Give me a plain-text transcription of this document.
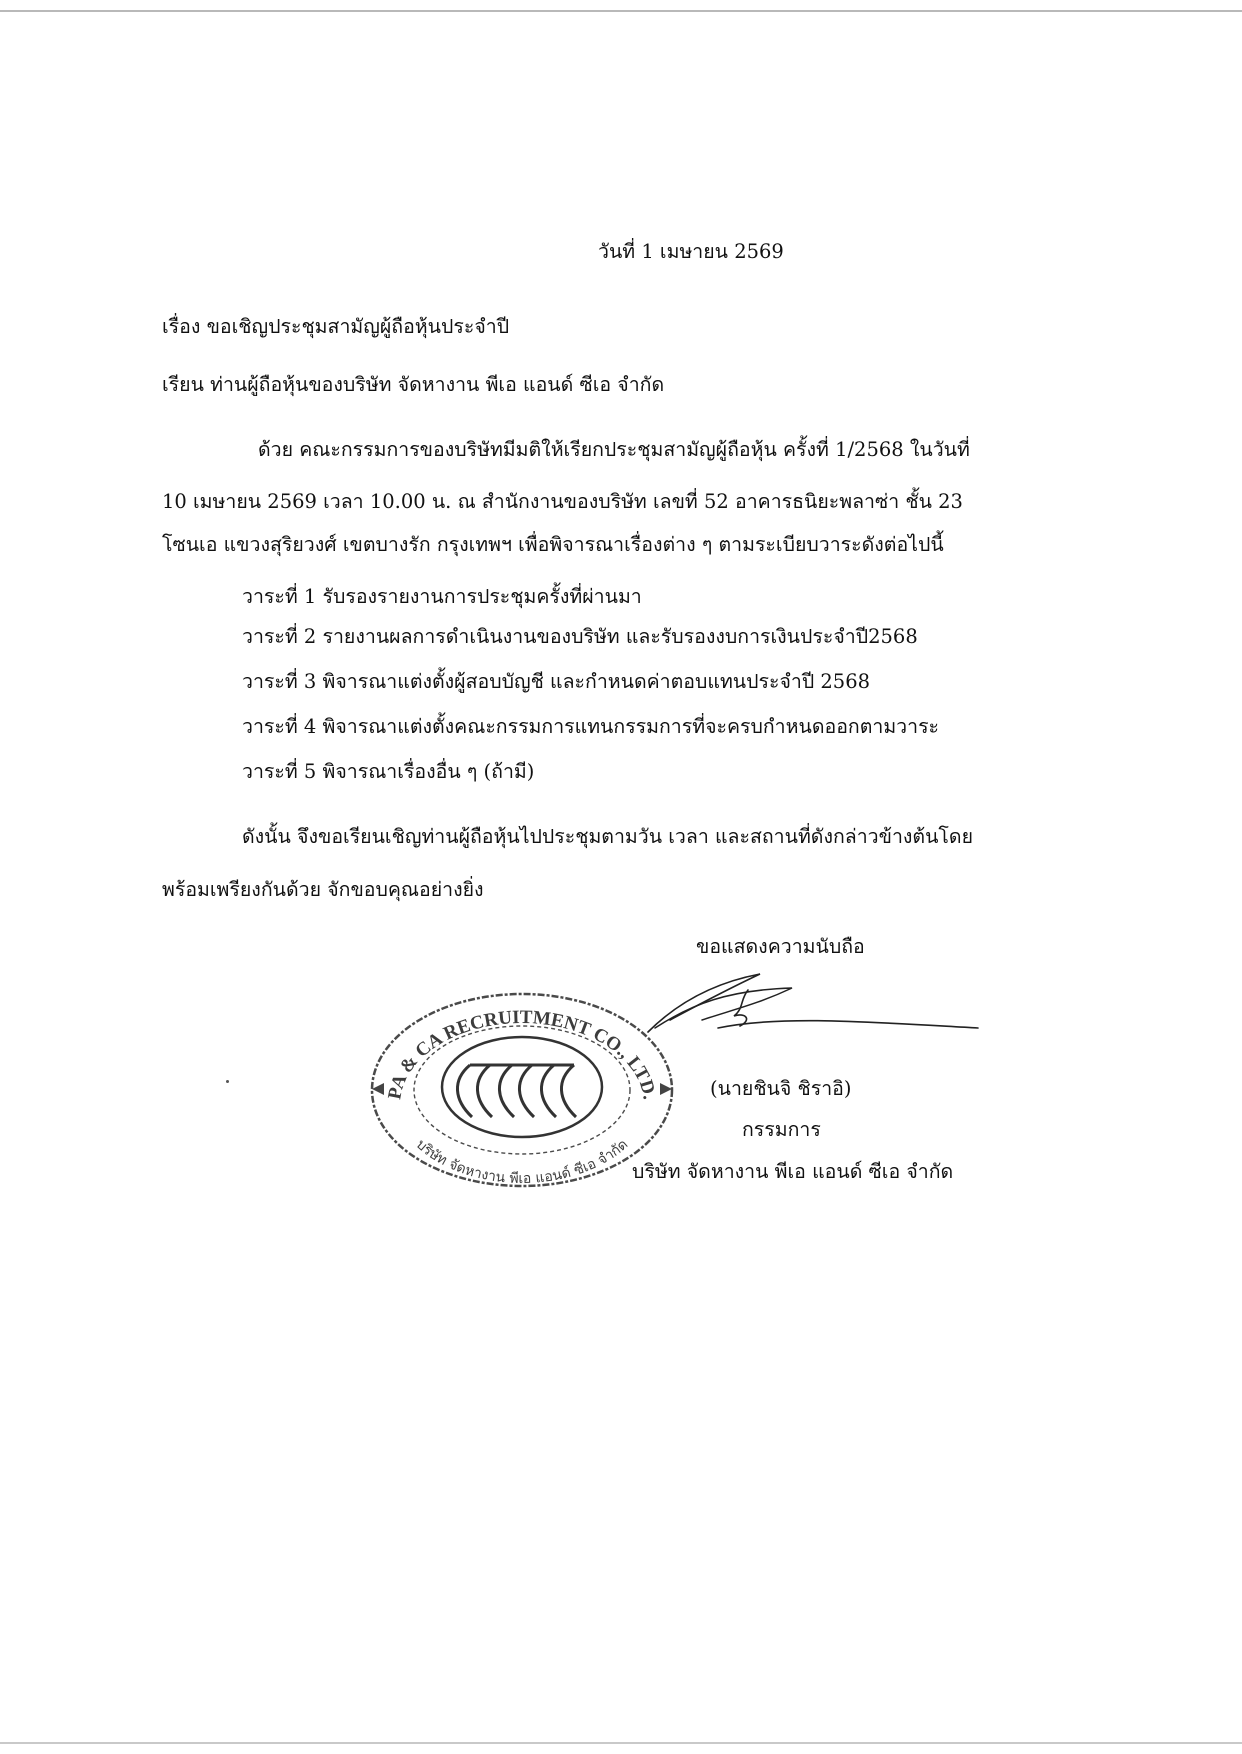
วันที่ 1 เมษายน 2569
เรื่อง ขอเชิญประชุมสามัญผู้ถือหุ้นประจำปี
เรียน ท่านผู้ถือหุ้นของบริษัท จัดหางาน พีเอ แอนด์ ซีเอ จำกัด
ด้วย คณะกรรมการของบริษัทมีมติให้เรียกประชุมสามัญผู้ถือหุ้น ครั้งที่ 1/2568 ในวันที่
10 เมษายน 2569 เวลา 10.00 น. ณ สำนักงานของบริษัท เลขที่ 52 อาคารธนิยะพลาซ่า ชั้น 23
โซนเอ แขวงสุริยวงศ์ เขตบางรัก กรุงเทพฯ เพื่อพิจารณาเรื่องต่าง ๆ ตามระเบียบวาระดังต่อไปนี้
วาระที่ 1 รับรองรายงานการประชุมครั้งที่ผ่านมา
วาระที่ 2 รายงานผลการดำเนินงานของบริษัท และรับรองงบการเงินประจำปี2568
วาระที่ 3 พิจารณาแต่งตั้งผู้สอบบัญชี และกำหนดค่าตอบแทนประจำปี 2568
วาระที่ 4 พิจารณาแต่งตั้งคณะกรรมการแทนกรรมการที่จะครบกำหนดออกตามวาระ
วาระที่ 5 พิจารณาเรื่องอื่น ๆ (ถ้ามี)
ดังนั้น จึงขอเรียนเชิญท่านผู้ถือหุ้นไปประชุมตามวัน เวลา และสถานที่ดังกล่าวข้างต้นโดย
พร้อมเพรียงกันด้วย จักขอบคุณอย่างยิ่ง
ขอแสดงความนับถือ
PA & CA RECRUITMENT CO., LTD.
บริษัท จัดหางาน พีเอ แอนด์ ซีเอ จำกัด
(นายชินจิ ชิราอิ)
กรรมการ
บริษัท จัดหางาน พีเอ แอนด์ ซีเอ จำกัด
